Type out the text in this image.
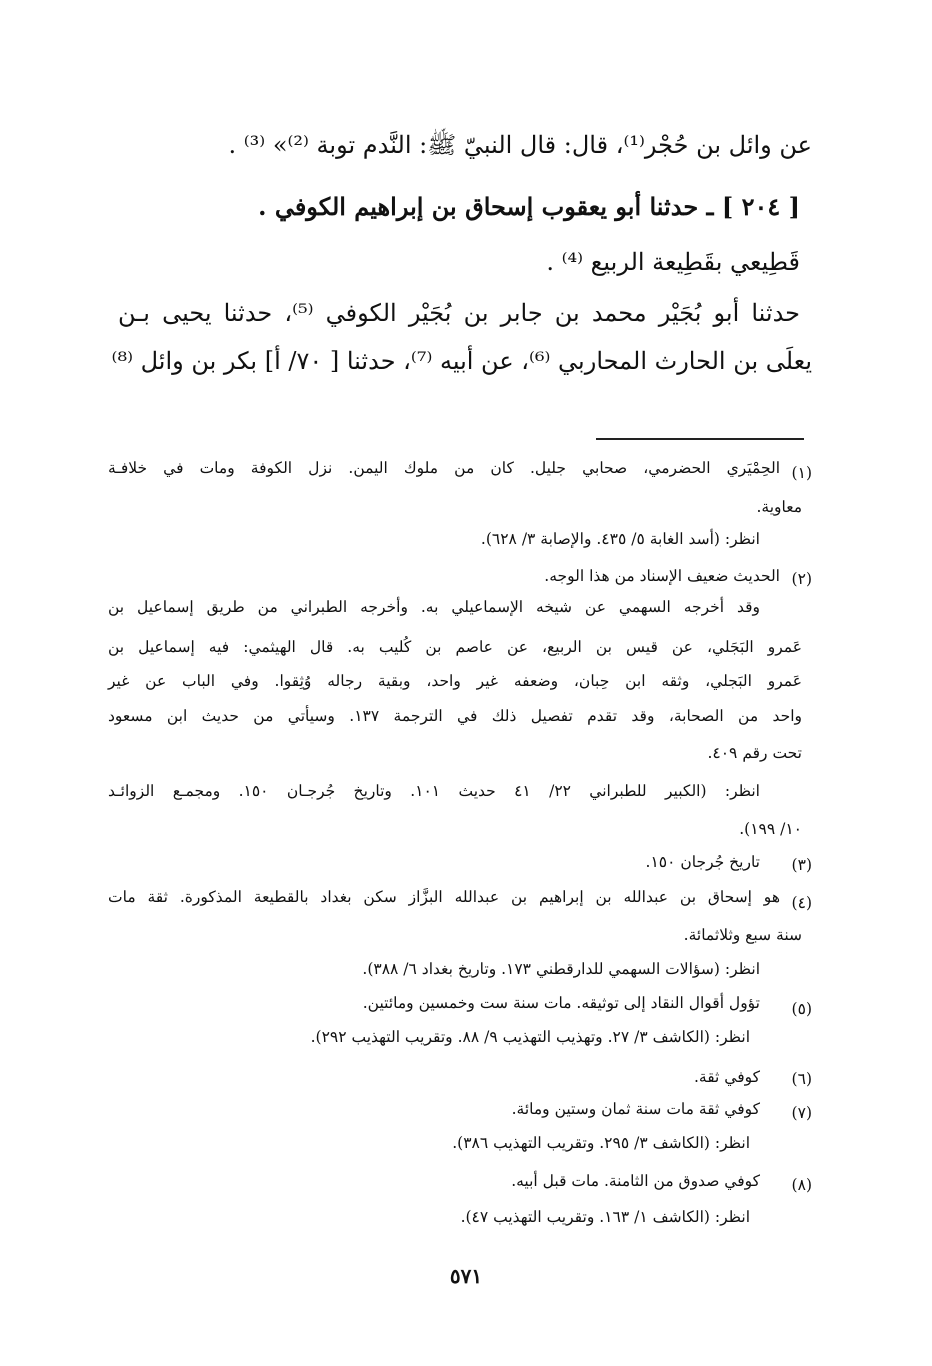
عن وائل بن حُجْر⁽¹⁾، قال: قال النبيّ ﷺ: النَّدم توبة ⁽²⁾» ⁽³⁾ .
[ ٢٠٤ ] ـ حدثنا أبو يعقوب إسحاق بن إبراهيم الكوفي .
قَطِيعي بقَطِيعة الربيع ⁽⁴⁾ .
حدثنا أبو بُجَيْر محمد بن جابر بن بُجَيْر الكوفي ⁽⁵⁾، حدثنا يحيى بـن
يعلَى بن الحارث المحاربي ⁽⁶⁾، عن أبيه ⁽⁷⁾، حدثنا [ ٧٠/ أ] بكر بن وائل ⁽⁸⁾
(١)
الحِمْيَري الحضرمي، صحابي جليل. كان من ملوك اليمن. نزل الكوفة ومات في خلافـة
معاوية.
انظر: (أسد الغابة ٥/ ٤٣٥. والإصابة ٣/ ٦٢٨).
(٢)
الحديث ضعيف الإسناد من هذا الوجه.
وقد أخرجه السهمي عن شيخه الإسماعيلي به. وأخرجه الطبراني من طريق إسماعيل بن
عَمرو البَجَلي، عن قيس بن الربيع، عن عاصم بن كُليب به. قال الهيثمي: فيه إسماعيل بن
عَمرو البَجلي، وثقه ابن حِبان، وضعفه غير واحد، وبقية رجاله وُثِقوا. وفي الباب عن غير
واحد من الصحابة، وقد تقدم تفصيل ذلك في الترجمة ١٣٧. وسيأتي من حديث ابن مسعود
تحت رقم ٤٠٩.
انظر: (الكبير للطبراني ٢٢/ ٤١ حديث ١٠١. وتاريخ جُرجـان ١٥٠. ومجمـع الزوائـد
١٠/ ١٩٩).
(٣)
تاريخ جُرجان ١٥٠.
(٤)
هو إسحاق بن عبدالله بن إبراهيم بن عبدالله البزَّاز سكن بغداد بالقطيعة المذكورة. ثقة مات
سنة سبع وثلاثمائة.
انظر: (سؤالات السهمي للدارقطني ١٧٣. وتاريخ بغداد ٦/ ٣٨٨).
(٥)
تؤول أقوال النقاد إلى توثيقه. مات سنة ست وخمسين ومائتين.
انظر: (الكاشف ٣/ ٢٧. وتهذيب التهذيب ٩/ ٨٨. وتقريب التهذيب ٢٩٢).
(٦)
كوفي ثقة.
(٧)
كوفي ثقة مات سنة ثمان وستين ومائة.
انظر: (الكاشف ٣/ ٢٩٥. وتقريب التهذيب ٣٨٦).
(٨)
كوفي صدوق من الثامنة. مات قبل أبيه.
انظر: (الكاشف ١/ ١٦٣. وتقريب التهذيب ٤٧).
٥٧١
